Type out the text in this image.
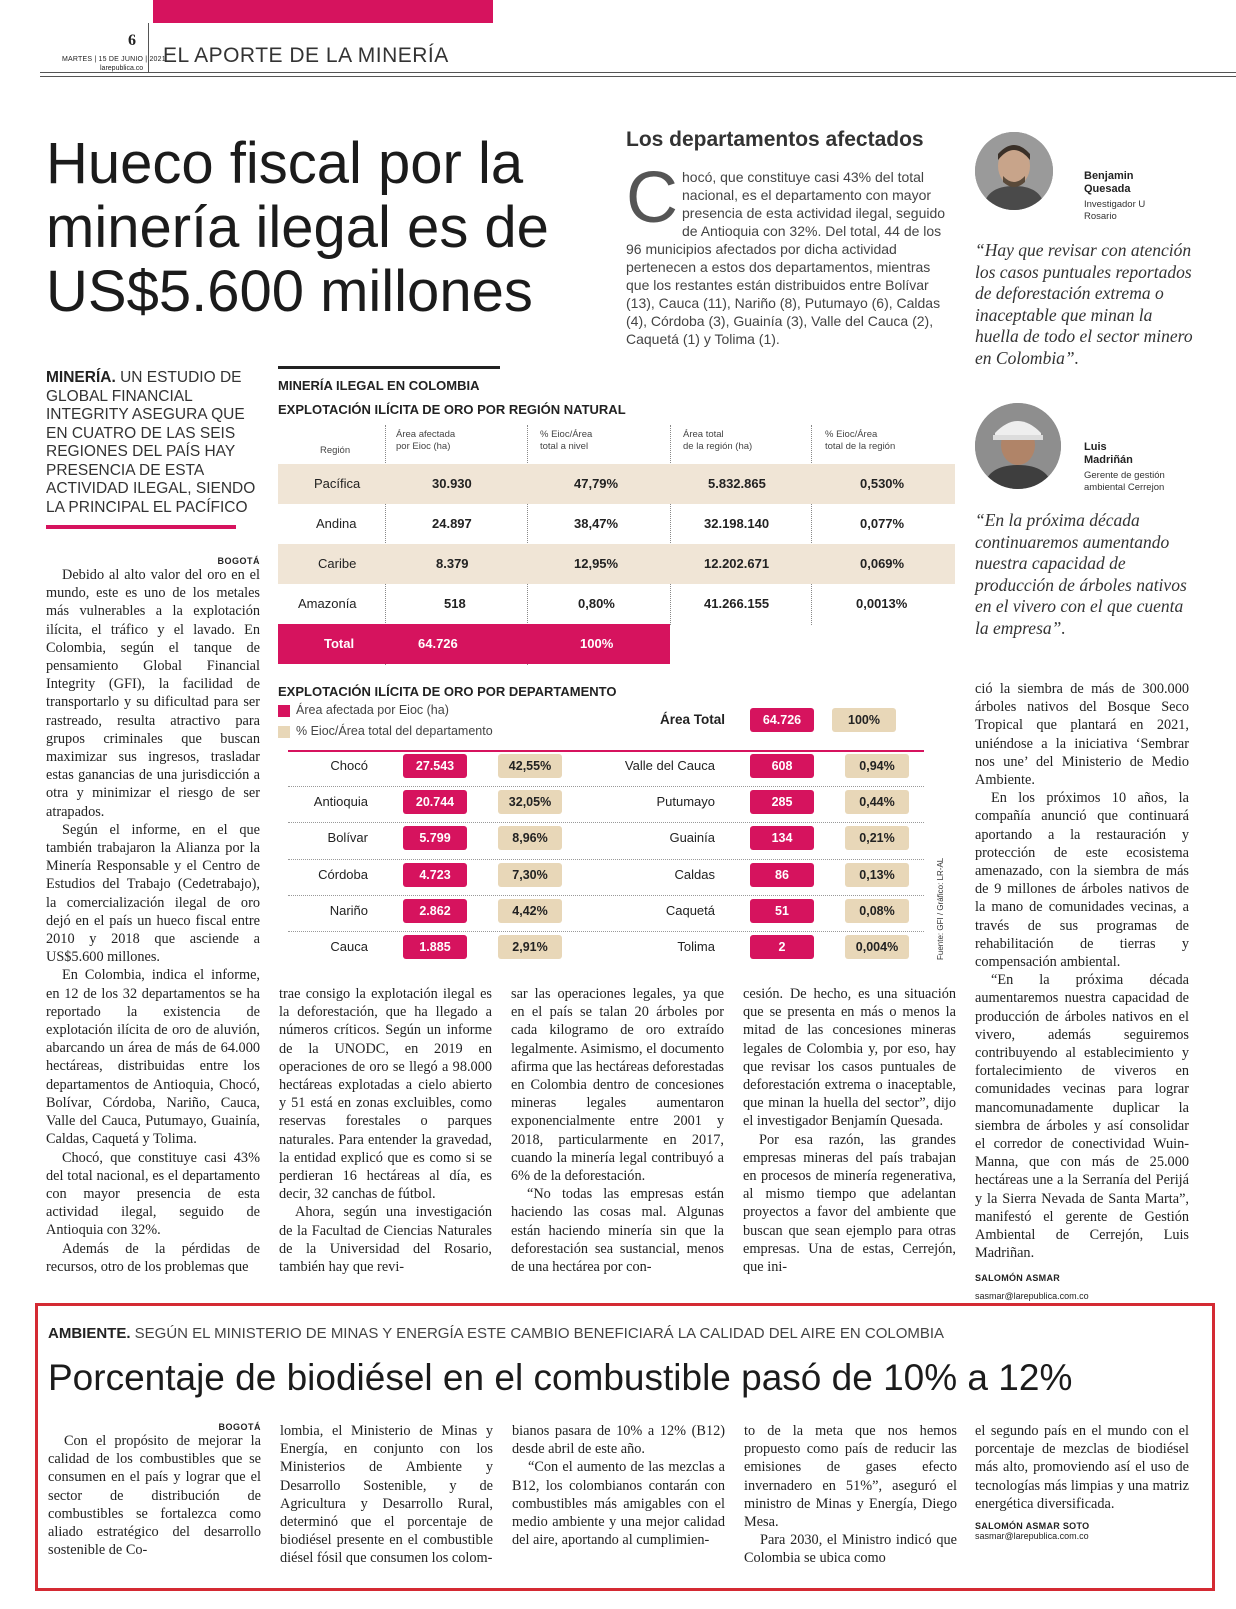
6
MARTES | 15 DE JUNIO | 2021
larepublica.co
EL APORTE DE LA MINERÍA
Hueco fiscal por la
minería ilegal es de
US$5.600 millones
MINERÍA. UN ESTUDIO DE GLOBAL FINANCIAL INTEGRITY ASEGURA QUE EN CUATRO DE LAS SEIS REGIONES DEL PAÍS HAY PRESENCIA DE ESTA ACTIVIDAD ILEGAL, SIENDO LA PRINCIPAL EL PACÍFICO
BOGOTÁ

Debido al alto valor del oro en el mundo, este es uno de los metales más vulnerables a la explotación ilícita, el tráfico y el lavado. En Colombia, según el tanque de pensamiento Global Financial Integrity (GFI), la facilidad de transportarlo y su dificultad para ser rastreado, resulta atractivo para grupos criminales que buscan maximizar sus ingresos, trasladar estas ganancias de una jurisdicción a otra y minimizar el riesgo de ser atrapados.

Según el informe, en el que también trabajaron la Alianza por la Minería Responsable y el Centro de Estudios del Trabajo (Cedetrabajo), la comercialización ilegal de oro dejó en el país un hueco fiscal entre 2010 y 2018 que asciende a US$5.600 millones.

En Colombia, indica el informe, en 12 de los 32 departamentos se ha reportado la existencia de explotación ilícita de oro de aluvión, abarcando un área de más de 64.000 hectáreas, distribuidas entre los departamentos de Antioquia, Chocó, Bolívar, Córdoba, Nariño, Cauca, Valle del Cauca, Putumayo, Guainía, Caldas, Caquetá y Tolima.

Chocó, que constituye casi 43% del total nacional, es el departamento con mayor presencia de esta actividad ilegal, seguido de Antioquia con 32%.

Además de la pérdidas de recursos, otro de los problemas que

trae consigo la explotación ilegal es la deforestación, que ha llegado a números críticos. Según un informe de la UNODC, en 2019 en operaciones de oro se llegó a 98.000 hectáreas explotadas a cielo abierto y 51 está en zonas excluibles, como reservas forestales o parques naturales. Para entender la gravedad, la entidad explicó que es como si se perdieran 16 hectáreas al día, es decir, 32 canchas de fútbol.

Ahora, según una investigación de la Facultad de Ciencias Naturales de la Universidad del Rosario, también hay que revi-

sar las operaciones legales, ya que en el país se talan 20 árboles por cada kilogramo de oro extraído legalmente. Asimismo, el documento afirma que las hectáreas deforestadas en Colombia dentro de concesiones mineras legales aumentaron exponencialmente entre 2001 y 2018, particularmente en 2017, cuando la minería legal contribuyó a 6% de la deforestación.

“No todas las empresas están haciendo las cosas mal. Algunas están haciendo minería sin que la deforestación sea sustancial, menos de una hectárea por con-

cesión. De hecho, es una situación que se presenta en más o menos la mitad de las concesiones mineras legales de Colombia y, por eso, hay que revisar los casos puntuales de deforestación extrema o inaceptable, que minan la huella del sector”, dijo el investigador Benjamín Quesada.

Por esa razón, las grandes empresas mineras del país trabajan en procesos de minería regenerativa, al mismo tiempo que adelantan proyectos a favor del ambiente que buscan que sean ejemplo para otras empresas. Una de estas, Cerrejón, que ini-

ció la siembra de más de 300.000 árboles nativos del Bosque Seco Tropical que plantará en 2021, uniéndose a la iniciativa ‘Sembrar nos une’ del Ministerio de Medio Ambiente.

En los próximos 10 años, la compañía anunció que continuará aportando a la restauración y protección de este ecosistema amenazado, con la siembra de más de 9 millones de árboles nativos de la mano de comunidades vecinas, a través de sus programas de rehabilitación de tierras y compensación ambiental.

“En la próxima década aumentaremos nuestra capacidad de producción de árboles nativos en el vivero, además seguiremos contribuyendo al establecimiento y fortalecimiento de viveros en comunidades vecinas para lograr mancomunadamente duplicar la siembra de árboles y así consolidar el corredor de conectividad Wuin-Manna, que con más de 25.000 hectáreas une a la Serranía del Perijá y la Sierra Nevada de Santa Marta”, manifestó el gerente de Gestión Ambiental de Cerrejón, Luis Madriñan.

SALOMÓN ASMAR
sasmar@larepublica.com.co
Los departamentos afectados
C hocó, que constituye casi 43% del total nacional, es el departamento con mayor presencia de esta actividad ilegal, seguido de Antioquia con 32%. Del total, 44 de los 96 municipios afectados por dicha actividad pertenecen a estos dos departamentos, mientras que los restantes están distribuidos entre Bolívar (13), Cauca (11), Nariño (8), Putumayo (6), Caldas (4), Córdoba (3), Guainía (3), Valle del Cauca (2), Caquetá (1) y Tolima (1).
Benjamin
Quesada
Investigador U
Rosario
“Hay que revisar con atención los casos puntuales reportados de deforestación extrema o inaceptable que minan la huella de todo el sector minero en Colombia”.
Luis
Madriñán
Gerente de gestión
ambiental Cerrejon
“En la próxima década continuaremos aumentando nuestra capacidad de producción de árboles nativos en el vivero con el que cuenta la empresa”.
MINERÍA ILEGAL EN COLOMBIA
EXPLOTACIÓN ILÍCITA DE ORO POR REGIÓN NATURAL
Región
Área afectada
por Eioc (ha)
% Eioc/Área
total a nivel
Área total
de la región (ha)
% Eioc/Área
total de la región
Pacífica	30.930	47,79%	5.832.865	0,530%
Andina	24.897	38,47%	32.198.140	0,077%
Caribe	8.379	12,95%	12.202.671	0,069%
Amazonía	518	0,80%	41.266.155	0,0013%
Total	64.726	100%
EXPLOTACIÓN ILÍCITA DE ORO POR DEPARTAMENTO
Área afectada por Eioc (ha)
% Eioc/Área total del departamento
Área Total	64.726	100%
Chocó	27.543	42,55%
Antioquia	20.744	32,05%
Bolívar	5.799	8,96%
Córdoba	4.723	7,30%
Nariño	2.862	4,42%
Cauca	1.885	2,91%
Valle del Cauca	608	0,94%
Putumayo	285	0,44%
Guainía	134	0,21%
Caldas	86	0,13%
Caquetá	51	0,08%
Tolima	2	0,004%	Fuente: GFI / Gráfico: LR-AL
AMBIENTE. SEGÚN EL MINISTERIO DE MINAS Y ENERGÍA ESTE CAMBIO BENEFICIARÁ LA CALIDAD DEL AIRE EN COLOMBIA
Porcentaje de biodiésel en el combustible pasó de 10% a 12%
BOGOTÁ
Con el propósito de mejorar la calidad de los combustibles que se consumen en el país y lograr que el sector de distribución de combustibles se fortalezca como aliado estratégico del desarrollo sostenible de Co-
lombia, el Ministerio de Minas y Energía, en conjunto con los Ministerios de Ambiente y Desarrollo Sostenible, y de Agricultura y Desarrollo Rural, determinó que el porcentaje de biodiésel presente en el combustible diésel fósil que consumen los colom-
bianos pasara de 10% a 12% (B12) desde abril de este año.
“Con el aumento de las mezclas a B12, los colombianos contarán con combustibles más amigables con el medio ambiente y una mejor calidad del aire, aportando al cumplimien-
to de la meta que nos hemos propuesto como país de reducir las emisiones de gases efecto invernadero en 51%”, aseguró el ministro de Minas y Energía, Diego Mesa.
Para 2030, el Ministro indicó que Colombia se ubica como
el segundo país en el mundo con el porcentaje de mezclas de biodiésel más alto, promoviendo así el uso de tecnologías más limpias y una matriz energética diversificada.
SALOMÓN ASMAR SOTO
sasmar@larepublica.com.co
